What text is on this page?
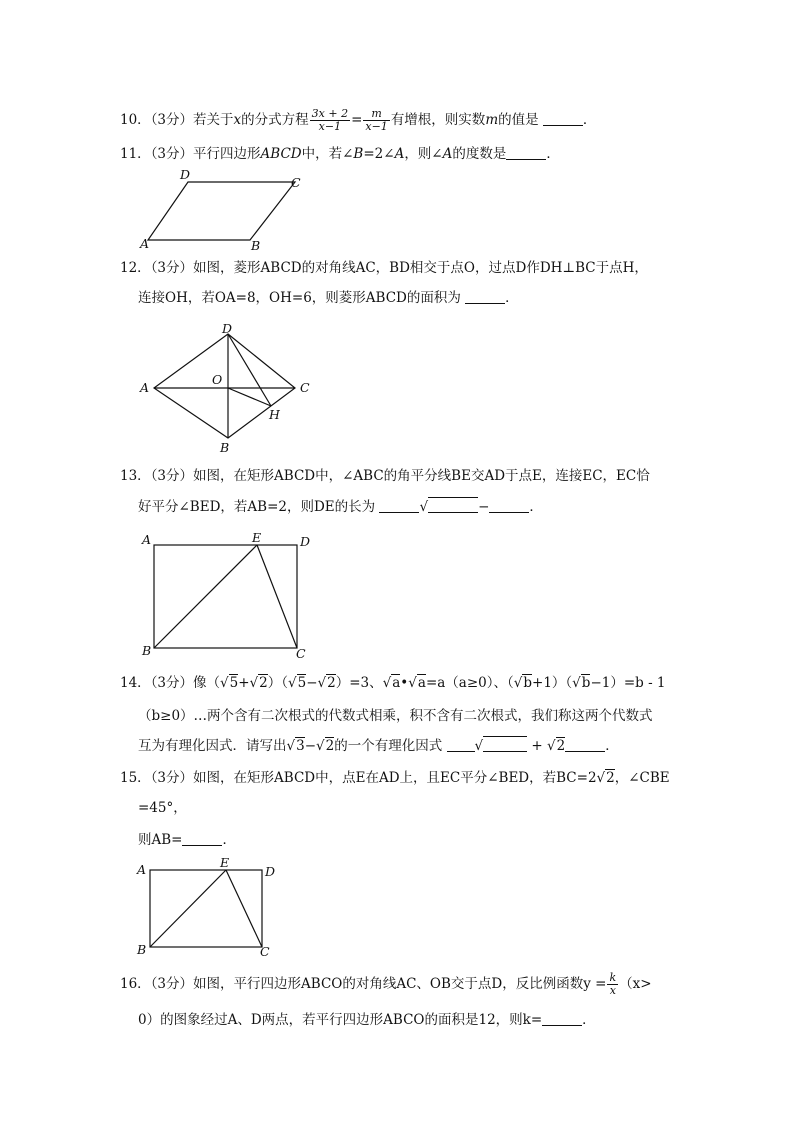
10．（3分）若关于x的分式方程 $\frac{3x + 2}{x-1} = \frac{m}{x-1}$ 有增根，则实数m的值是	．
11．（3分）平行四边形ABCD中，若∠B=2∠A，则∠A的度数是	．
D
C
A	B
12．（3分）如图，菱形ABCD的对角线AC，BD相交于点O，过点D作DH⊥BC于点H，
连接OH，若OA=8，OH=6，则菱形ABCD的面积为	．
D
A	C
O
H
B
13．（3分）如图，在矩形ABCD中，∠ABC的角平分线BE交AD于点E，连接EC，EC恰
好平分∠BED，若AB=2，则DE的长为	√	−	．
A	E	D
B	C
14．（3分）像（√5+√2）（√5−√2）=3、√a•√a=a（a≥0）、（√b+1）（√b−1）=b - 1
（b≥0）…两个含有二次根式的代数式相乘，积不含有二次根式，我们称这两个代数式
互为有理化因式．请写出√3−√2的一个有理化因式 √	+ √2	．
15．（3分）如图，在矩形ABCD中，点E在AD上，且EC平分∠BED，若BC=2√2，∠CBE
=45°，
则AB=	．
A	E
D
B	C
16．（3分）如图，平行四边形ABCO的对角线AC、OB交于点D，反比例函数$y = \frac{k}{x} (x>$
0）的图象经过A、D两点，若平行四边形ABCO的面积是12，则k=	．
